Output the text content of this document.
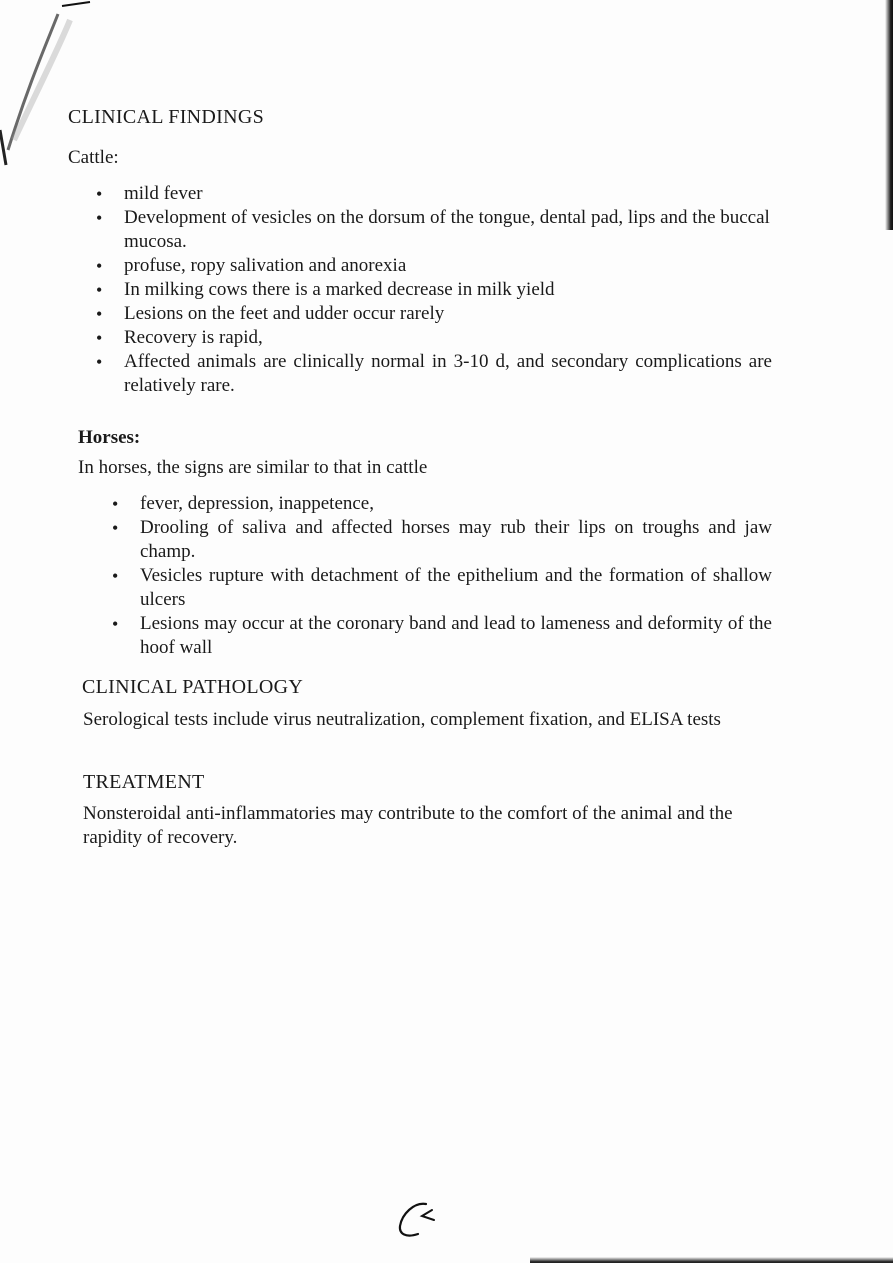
CLINICAL FINDINGS
Cattle:
• mild fever
• Development of vesicles on the dorsum of the tongue, dental pad, lips and the buccal mucosa.
• profuse, ropy salivation and anorexia
• In milking cows there is a marked decrease in milk yield
• Lesions on the feet and udder occur rarely
• Recovery is rapid,
• Affected animals are clinically normal in 3-10 d, and secondary complications are relatively rare.
Horses:
In horses, the signs are similar to that in cattle
• fever, depression, inappetence,
• Drooling of saliva and affected horses may rub their lips on troughs and jaw champ.
• Vesicles rupture with detachment of the epithelium and the formation of shallow ulcers
• Lesions may occur at the coronary band and lead to lameness and deformity of the hoof wall
CLINICAL PATHOLOGY
Serological tests include virus neutralization, complement fixation, and ELISA tests
TREATMENT
Nonsteroidal anti-inflammatories may contribute to the comfort of the animal and the rapidity of recovery.
